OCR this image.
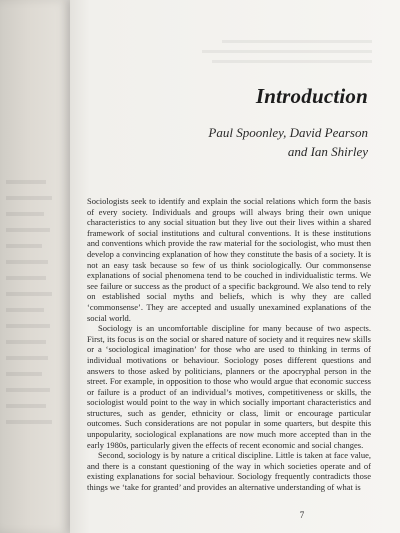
Introduction

Paul Spoonley, David Pearson

and Ian Shirley

Sociologists seek to identify and explain the social relations which form the basis of every society. Individuals and groups will always bring their own unique characteristics to any social situation but they live out their lives within a shared framework of social institutions and cultural conventions. It is these institutions and conventions which provide the raw material for the sociologist, who must then develop a convincing explanation of how they constitute the basis of a society. It is not an easy task because so few of us think sociologically. Our commonsense explanations of social phenomena tend to be couched in individualistic terms. We see failure or success as the product of a specific background. We also tend to rely on established social myths and beliefs, which is why they are called ‘commonsense’. They are accepted and usually unexamined explanations of the social world.

Sociology is an uncomfortable discipline for many because of two aspects. First, its focus is on the social or shared nature of society and it requires new skills or a ‘sociological imagination’ for those who are used to thinking in terms of individual motivations or behaviour. Sociology poses different questions and answers to those asked by politicians, planners or the apocryphal person in the street. For example, in opposition to those who would argue that economic success or failure is a product of an individual’s motives, competitiveness or skills, the sociologist would point to the way in which socially important characteristics and structures, such as gender, ethnicity or class, limit or encourage particular outcomes. Such considerations are not popular in some quarters, but despite this unpopularity, sociological explanations are now much more accepted than in the early 1980s, particularly given the effects of recent economic and social changes.

Second, sociology is by nature a critical discipline. Little is taken at face value, and there is a constant questioning of the way in which societies operate and of existing explanations for social behaviour. Sociology frequently contradicts those things we ‘take for granted’ and provides an alternative understanding of what is

7
